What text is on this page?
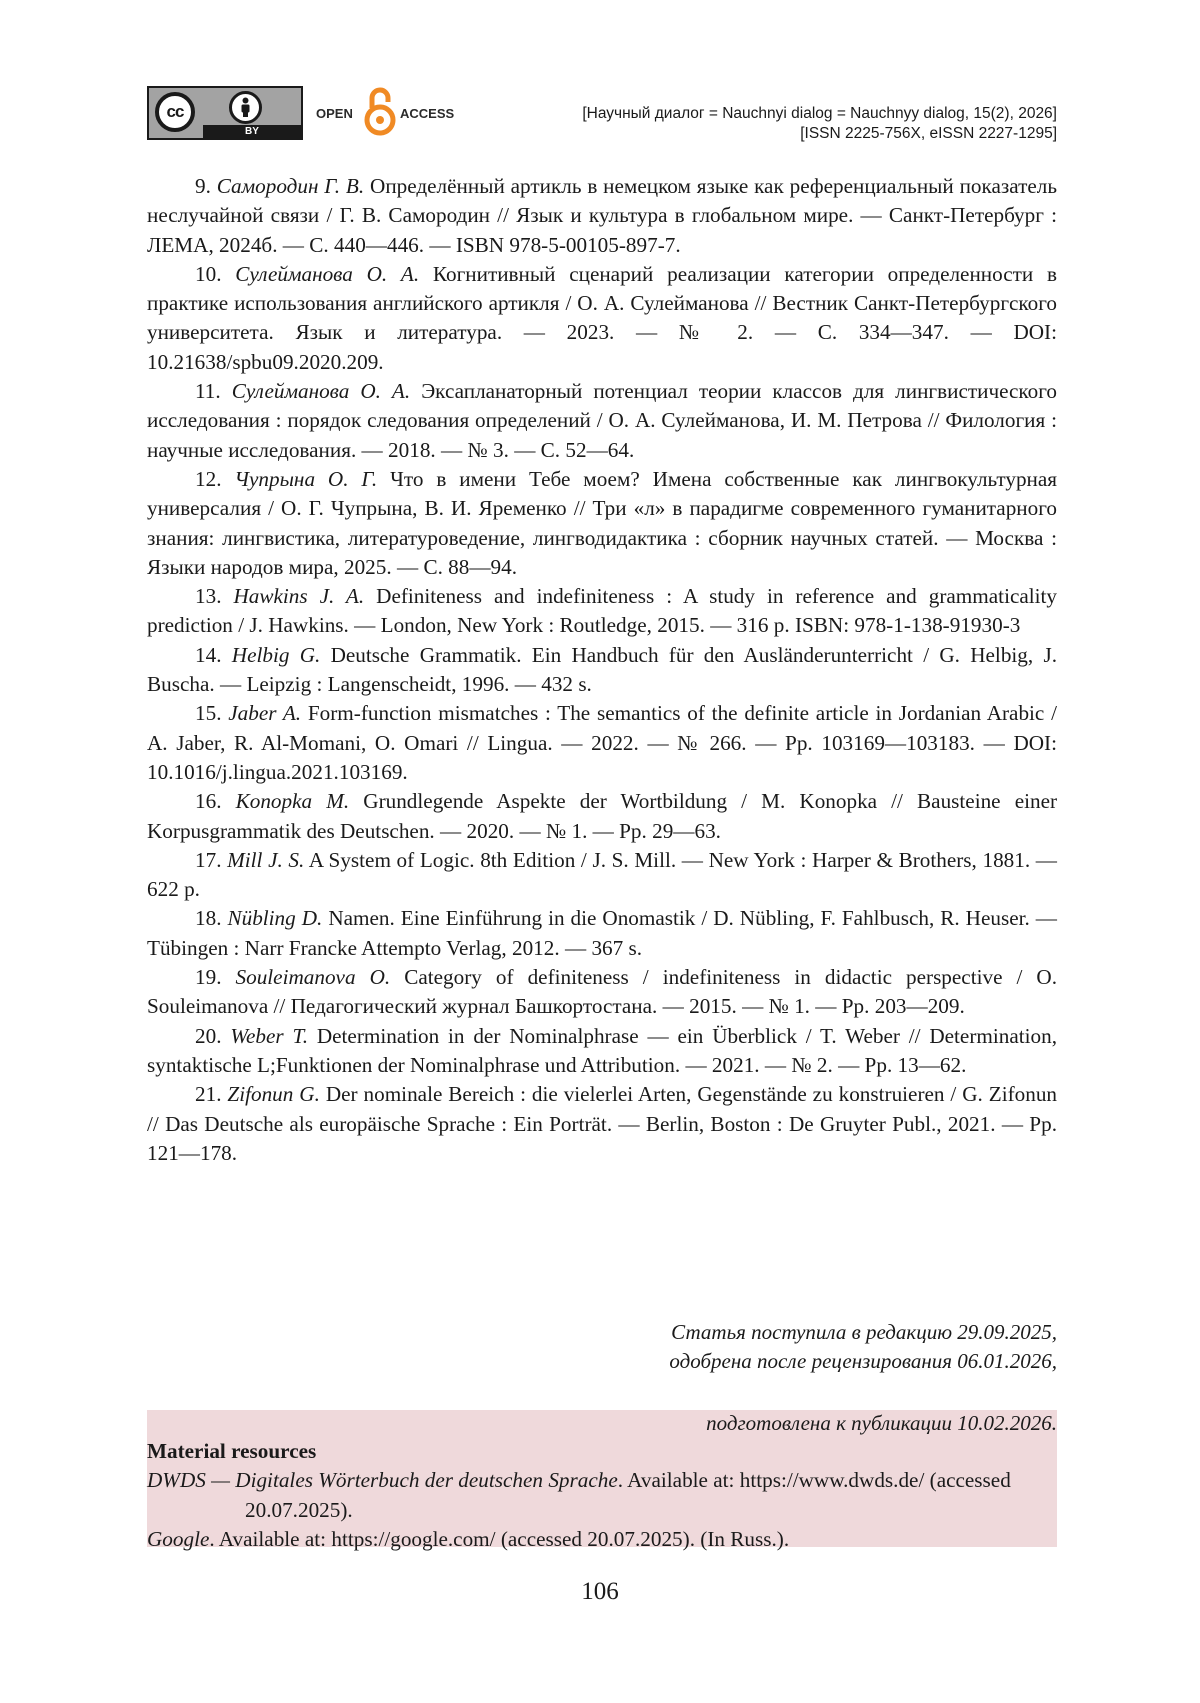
cc
BY
OPEN	ACCESS	[Научный диалог = Nauchnyi dialog = Nauchnyy dialog, 15(2), 2026]
[ISSN 2225-756X, eISSN 2227-1295]

9. Самородин Г. В. Определённый артикль в немецком языке как референциальный показатель неслучайной связи / Г. В. Самородин // Язык и культура в глобальном мире. — Санкт-Петербург : ЛЕМА, 2024б. — С. 440—446. — ISBN 978-5-00105-897-7.

10. Сулейманова О. А. Когнитивный сценарий реализации категории определенности в практике использования английского артикля / О. А. Сулейманова // Вестник Санкт-Петербургского университета. Язык и литература. — 2023. — № 2. — С. 334—347. — DOI: 10.21638/spbu09.2020.209.

11. Сулейманова О. А. Эксапланаторный потенциал теории классов для лингвистического исследования : порядок следования определений / О. А. Сулейманова, И. М. Петрова // Филология : научные исследования. — 2018. — № 3. — С. 52—64.

12. Чупрына О. Г. Что в имени Тебе моем? Имена собственные как лингвокультурная универсалия / О. Г. Чупрына, В. И. Яременко // Три «л» в парадигме современного гуманитарного знания: лингвистика, литературоведение, лингводидактика : сборник научных статей. — Москва : Языки народов мира, 2025. — С. 88—94.

13. Hawkins J. A. Definiteness and indefiniteness : A study in reference and grammaticality prediction / J. Hawkins. — London, New York : Routledge, 2015. — 316 p. ISBN: 978-1-138-91930-3

14. Helbig G. Deutsche Grammatik. Ein Handbuch für den Ausländerunterricht / G. Helbig, J. Buscha. — Leipzig : Langenscheidt, 1996. — 432 s.

15. Jaber A. Form-function mismatches : The semantics of the definite article in Jordanian Arabic / A. Jaber, R. Al-Momani, O. Omari // Lingua. — 2022. — № 266. — Pp. 103169—103183. — DOI: 10.1016/j.lingua.2021.103169.

16. Konopka M. Grundlegende Aspekte der Wortbildung / M. Konopka // Bausteine einer Korpusgrammatik des Deutschen. — 2020. — № 1. — Pp. 29—63.

17. Mill J. S. A System of Logic. 8th Edition / J. S. Mill. — New York : Harper & Brothers, 1881. — 622 p.

18. Nübling D. Namen. Eine Einführung in die Onomastik / D. Nübling, F. Fahlbusch, R. Heuser. — Tübingen : Narr Francke Attempto Verlag, 2012. — 367 s.

19. Souleimanova O. Category of definiteness / indefiniteness in didactic perspective / O. Souleimanova // Педагогический журнал Башкортостана. — 2015. — № 1. — Pp. 203—209.

20. Weber T. Determination in der Nominalphrase — ein Überblick / T. Weber // Determination, syntaktische L;Funktionen der Nominalphrase und Attribution. — 2021. — № 2. — Pp. 13—62.

21. Zifonun G. Der nominale Bereich : die vielerlei Arten, Gegenstände zu konstruieren / G. Zifonun // Das Deutsche als europäische Sprache : Ein Porträt. — Berlin, Boston : De Gruyter Publ., 2021. — Pp. 121—178.

Статья поступила в редакцию 29.09.2025,
одобрена после рецензирования 06.01.2026,
подготовлена к публикации 10.02.2026.
Material resources

DWDS — Digitales Wörterbuch der deutschen Sprache. Available at: https://www.dwds.de/ (accessed 20.07.2025).

Google. Available at: https://google.com/ (accessed 20.07.2025). (In Russ.).

106
